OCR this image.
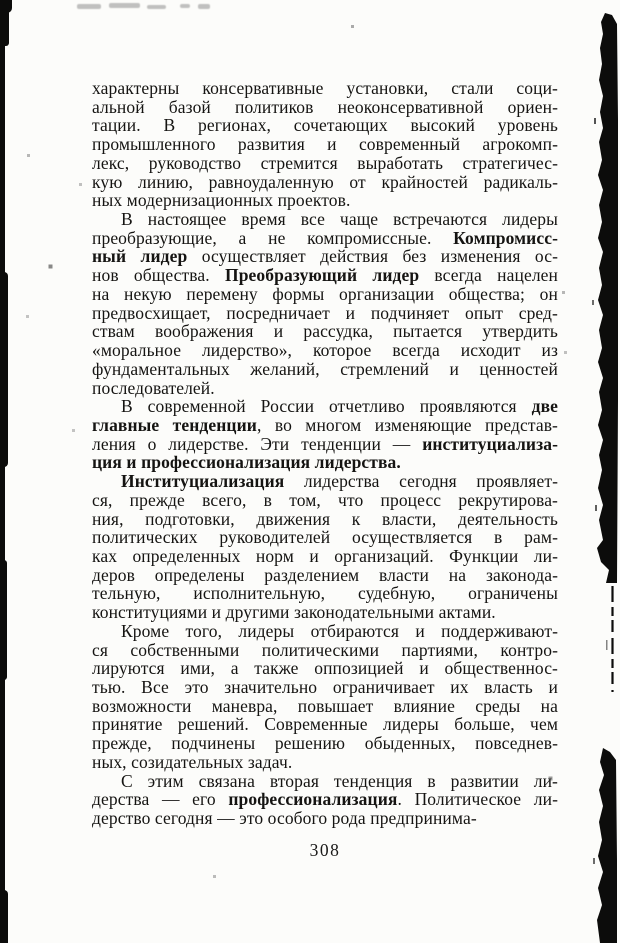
характерны консервативные установки, стали соци-
альной базой политиков неоконсервативной ориен-
тации. В регионах, сочетающих высокий уровень
промышленного развития и современный агрокомп-
лекс, руководство стремится выработать стратегичес-
кую линию, равноудаленную от крайностей радикаль-
ных модернизационных проектов.
В настоящее время все чаще встречаются лидеры
преобразующие, а не компромиссные. Компромисс-
ный лидер осуществляет действия без изменения ос-
нов общества. Преобразующий лидер всегда нацелен
на некую перемену формы организации общества; он
предвосхищает, посредничает и подчиняет опыт сред-
ствам воображения и рассудка, пытается утвердить
«моральное лидерство», которое всегда исходит из
фундаментальных желаний, стремлений и ценностей
последователей.
В современной России отчетливо проявляются две
главные тенденции, во многом изменяющие представ-
ления о лидерстве. Эти тенденции — институциализа-
ция и профессионализация лидерства.
Институциализация лидерства сегодня проявляет-
ся, прежде всего, в том, что процесс рекрутирова-
ния, подготовки, движения к власти, деятельность
политических руководителей осуществляется в рам-
ках определенных норм и организаций. Функции ли-
деров определены разделением власти на законода-
тельную, исполнительную, судебную, ограничены
конституциями и другими законодательными актами.
Кроме того, лидеры отбираются и поддерживают-
ся собственными политическими партиями, контро-
лируются ими, а также оппозицией и общественнос-
тью. Все это значительно ограничивает их власть и
возможности маневра, повышает влияние среды на
принятие решений. Современные лидеры больше, чем
прежде, подчинены решению обыденных, повседнев-
ных, созидательных задач.
С этим связана вторая тенденция в развитии ли-
дерства — его профессионализация. Политическое ли-
дерство сегодня — это особого рода предпринима-
308
